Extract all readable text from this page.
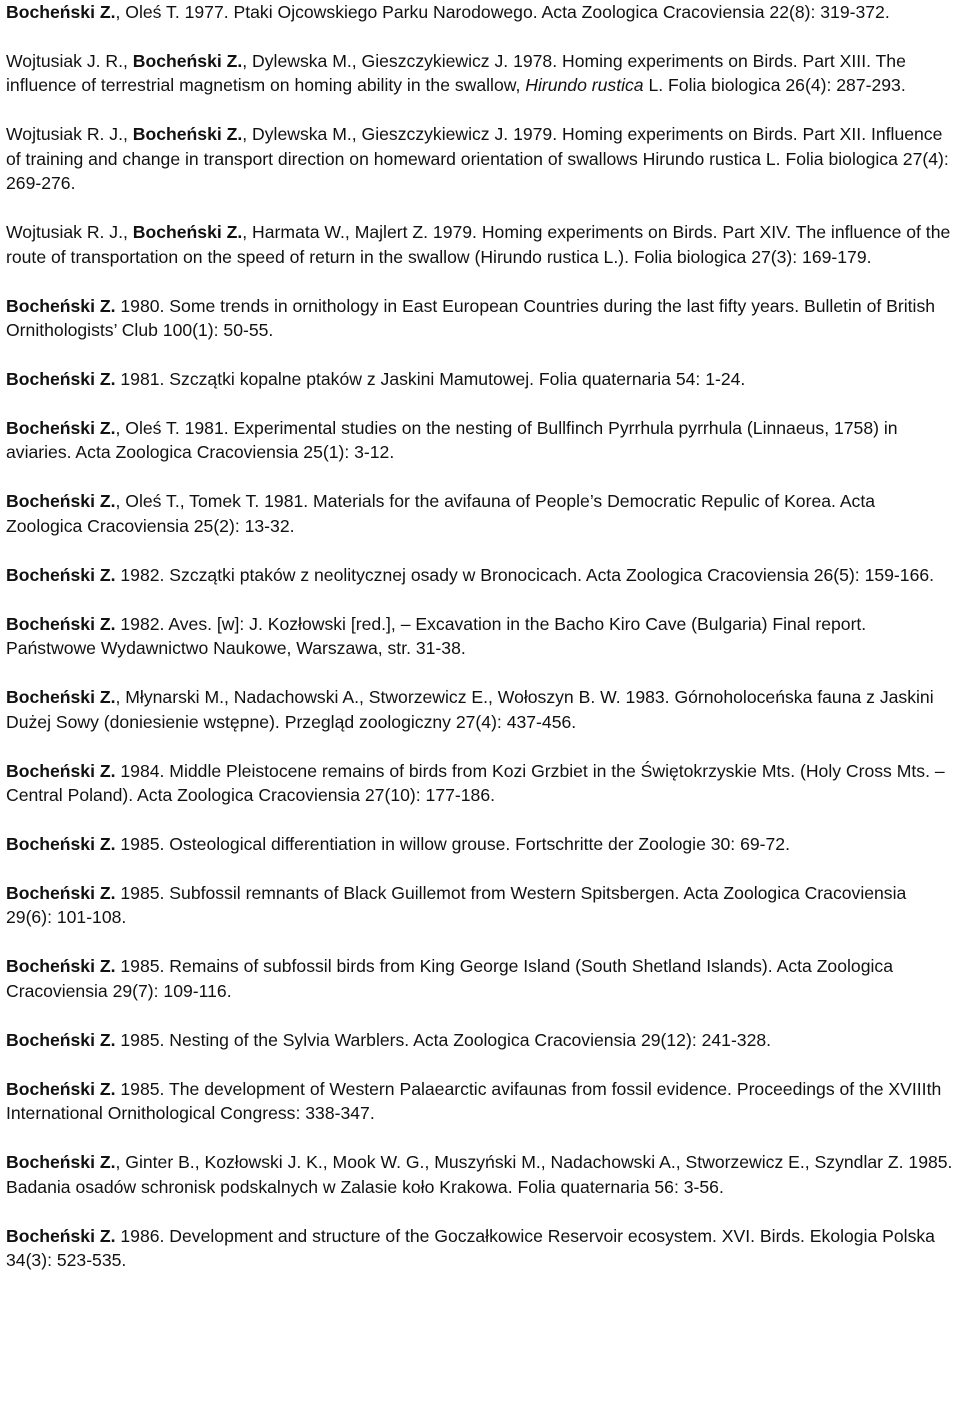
Bocheński Z., Oleś T. 1977. Ptaki Ojcowskiego Parku Narodowego. Acta Zoologica Cracoviensia 22(8): 319-372.
Wojtusiak J. R., Bocheński Z., Dylewska M., Gieszczykiewicz J. 1978. Homing experiments on Birds. Part XIII. The influence of terrestrial magnetism on homing ability in the swallow, Hirundo rustica L. Folia biologica 26(4): 287-293.
Wojtusiak R. J., Bocheński Z., Dylewska M., Gieszczykiewicz J. 1979. Homing experiments on Birds. Part XII. Influence of training and change in transport direction on homeward orientation of swallows Hirundo rustica L. Folia biologica 27(4): 269-276.
Wojtusiak R. J., Bocheński Z., Harmata W., Majlert Z. 1979. Homing experiments on Birds. Part XIV. The influence of the route of transportation on the speed of return in the swallow (Hirundo rustica L.). Folia biologica 27(3): 169-179.
Bocheński Z. 1980. Some trends in ornithology in East European Countries during the last fifty years. Bulletin of British Ornithologists’ Club 100(1): 50-55.
Bocheński Z. 1981. Szczątki kopalne ptaków z Jaskini Mamutowej. Folia quaternaria 54: 1-24.
Bocheński Z., Oleś T. 1981. Experimental studies on the nesting of Bullfinch Pyrrhula pyrrhula (Linnaeus, 1758) in aviaries. Acta Zoologica Cracoviensia 25(1): 3-12.
Bocheński Z., Oleś T., Tomek T. 1981. Materials for the avifauna of People’s Democratic Repulic of Korea. Acta Zoologica Cracoviensia 25(2): 13-32.
Bocheński Z. 1982. Szczątki ptaków z neolitycznej osady w Bronocicach. Acta Zoologica Cracoviensia 26(5): 159-166.
Bocheński Z. 1982. Aves. [w]: J. Kozłowski [red.], – Excavation in the Bacho Kiro Cave (Bulgaria) Final report. Państwowe Wydawnictwo Naukowe, Warszawa, str. 31-38.
Bocheński Z., Młynarski M., Nadachowski A., Stworzewicz E., Wołoszyn B. W. 1983. Górnoholoceńska fauna z Jaskini Dużej Sowy (doniesienie wstępne). Przegląd zoologiczny 27(4): 437-456.
Bocheński Z. 1984. Middle Pleistocene remains of birds from Kozi Grzbiet in the Świętokrzyskie Mts. (Holy Cross Mts. – Central Poland). Acta Zoologica Cracoviensia 27(10): 177-186.
Bocheński Z. 1985. Osteological differentiation in willow grouse. Fortschritte der Zoologie 30: 69-72.
Bocheński Z. 1985. Subfossil remnants of Black Guillemot from Western Spitsbergen. Acta Zoologica Cracoviensia 29(6): 101-108.
Bocheński Z. 1985. Remains of subfossil birds from King George Island (South Shetland Islands). Acta Zoologica Cracoviensia 29(7): 109-116.
Bocheński Z. 1985. Nesting of the Sylvia Warblers. Acta Zoologica Cracoviensia 29(12): 241-328.
Bocheński Z. 1985. The development of Western Palaearctic avifaunas from fossil evidence. Proceedings of the XVIIIth International Ornithological Congress: 338-347.
Bocheński Z., Ginter B., Kozłowski J. K., Mook W. G., Muszyński M., Nadachowski A., Stworzewicz E., Szyndlar Z. 1985. Badania osadów schronisk podskalnych w Zalasie koło Krakowa. Folia quaternaria 56: 3-56.
Bocheński Z. 1986. Development and structure of the Goczałkowice Reservoir ecosystem. XVI. Birds. Ekologia Polska 34(3): 523-535.
